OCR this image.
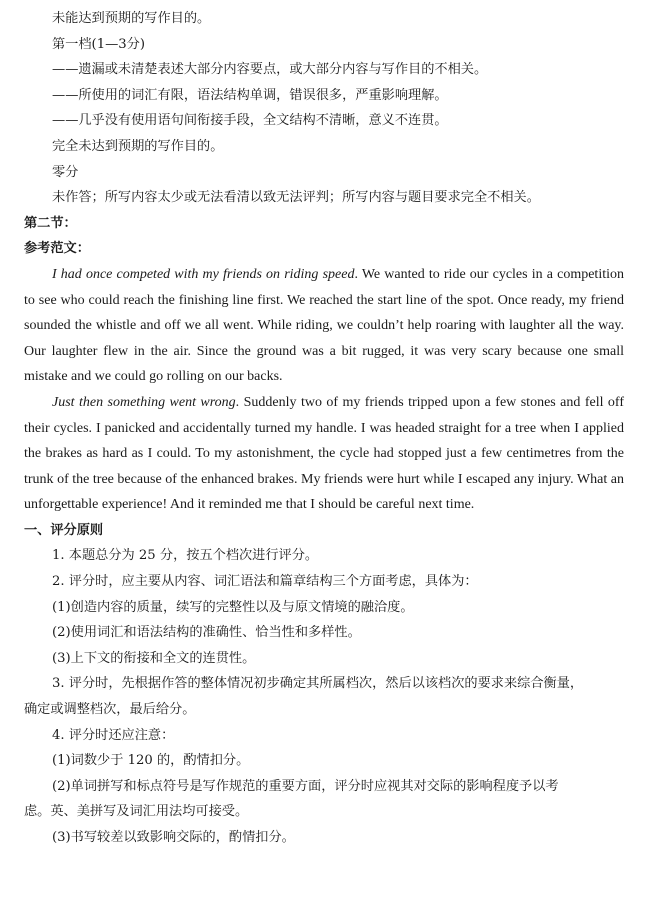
未能达到预期的写作目的。
第一档(1—3分)
——遗漏或未清楚表述大部分内容要点，或大部分内容与写作目的不相关。
——所使用的词汇有限，语法结构单调，错误很多，严重影响理解。
——几乎没有使用语句间衔接手段，全文结构不清晰，意义不连贯。
完全未达到预期的写作目的。
零分
未作答；所写内容太少或无法看清以致无法评判；所写内容与题目要求完全不相关。
第二节：
参考范文：
I had once competed with my friends on riding speed. We wanted to ride our cycles in a competition to see who could reach the finishing line first. We reached the start line of the spot. Once ready, my friend sounded the whistle and off we all went. While riding, we couldn’t help roaring with laughter all the way. Our laughter flew in the air. Since the ground was a bit rugged, it was very scary because one small mistake and we could go rolling on our backs.
Just then something went wrong. Suddenly two of my friends tripped upon a few stones and fell off their cycles. I panicked and accidentally turned my handle. I was headed straight for a tree when I applied the brakes as hard as I could. To my astonishment, the cycle had stopped just a few centimetres from the trunk of the tree because of the enhanced brakes. My friends were hurt while I escaped any injury. What an unforgettable experience! And it reminded me that I should be careful next time.
一、评分原则
1. 本题总分为 25 分，按五个档次进行评分。
2. 评分时，应主要从内容、词汇语法和篇章结构三个方面考虑，具体为：
(1)创造内容的质量，续写的完整性以及与原文情境的融洽度。
(2)使用词汇和语法结构的准确性、恰当性和多样性。
(3)上下文的衔接和全文的连贯性。
3. 评分时，先根据作答的整体情况初步确定其所属档次，然后以该档次的要求来综合衡量，
确定或调整档次，最后给分。
4. 评分时还应注意：
(1)词数少于 120 的，酌情扣分。
(2)单词拼写和标点符号是写作规范的重要方面，评分时应视其对交际的影响程度予以考
虑。英、美拼写及词汇用法均可接受。
(3)书写较差以致影响交际的，酌情扣分。
